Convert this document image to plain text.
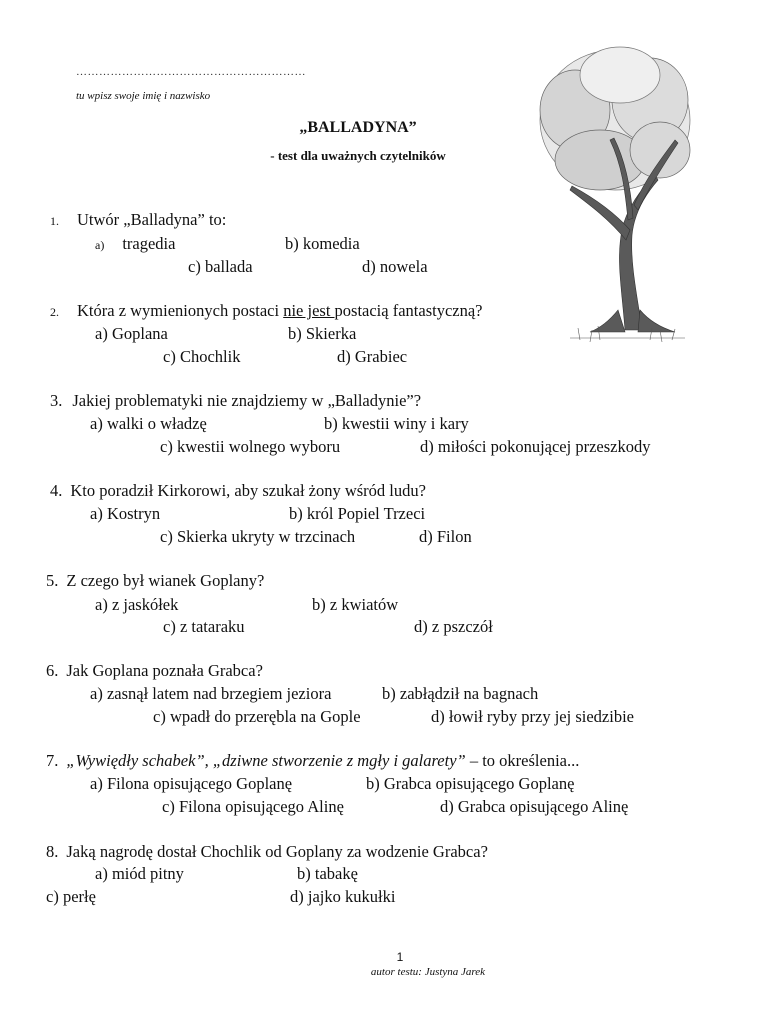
……………………………………………………
tu wpisz swoje imię i nazwisko
„BALLADYNA”
- test dla uważnych czytelników
1. Utwór „Balladyna” to:
a) tragedia	b) komedia
c) ballada	d) nowela
2. Która z wymienionych postaci nie jest postacią fantastyczną?
a) Goplana	b) Skierka
c) Chochlik	d) Grabiec
3. Jakiej problematyki nie znajdziemy w „Balladynie”?
a) walki o władzę	b) kwestii winy i kary
c) kwestii wolnego wyboru	d) miłości pokonującej przeszkody
4. Kto poradził Kirkorowi, aby szukał żony wśród ludu?
a) Kostryn	b) król Popiel Trzeci
c) Skierka ukryty w trzcinach	d) Filon
5. Z czego był wianek Goplany?
a) z jaskółek	b) z kwiatów
c) z tataraku	d) z pszczół
6. Jak Goplana poznała Grabca?
a) zasnął latem nad brzegiem jeziora	b) zabłądził na bagnach
c) wpadł do przerębla na Gople	d) łowił ryby przy jej siedzibie
7. „Wywiędły schabek”, „dziwne stworzenie z mgły i galarety” – to określenia...
a) Filona opisującego Goplanę	b) Grabca opisującego Goplanę
c) Filona opisującego Alinę	d) Grabca opisującego Alinę
8. Jaką nagrodę dostał Chochlik od Goplany za wodzenie Grabca?
a) miód pitny	b) tabakę
c) perłę	d) jajko kukułki
1
autor testu: Justyna Jarek
